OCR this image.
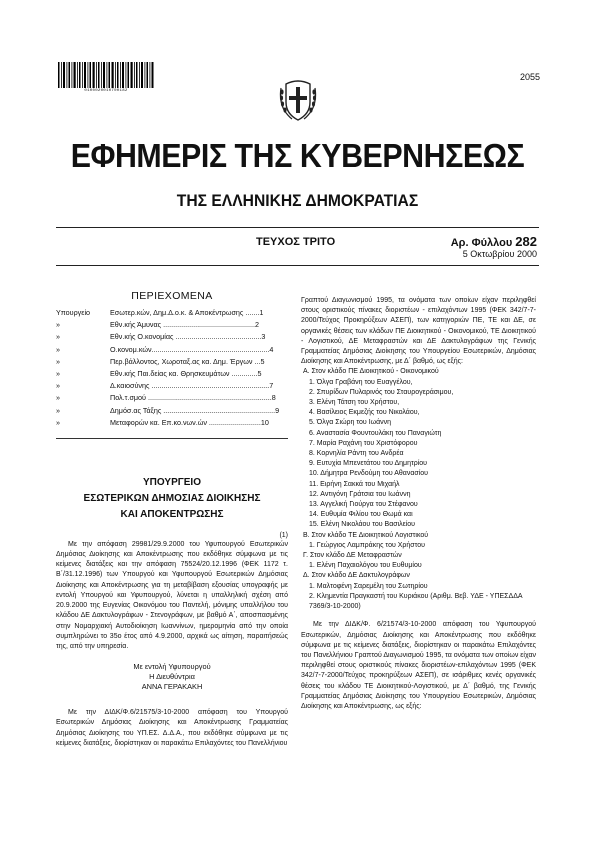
0100020010700182
2055
ΕΦΗΜΕΡΙΣ ΤΗΣ ΚΥΒΕΡΝΗΣΕΩΣ
ΤΗΣ ΕΛΛΗΝΙΚΗΣ ΔΗΜΟΚΡΑΤΙΑΣ
ΤΕΥΧΟΣ ΤΡΙΤΟ	Αρ. Φύλλου 282
5 Οκτωβρίου 2000
ΠΕΡΙΕΧΟΜΕΝΑ
Υπουργείο	Εσωτερ.κών, Δημ.Δ.ο.κ. & Αποκέντρωσης .......1
»	Εθν.κής Άμυνας ..............................................2
»	Εθν.κής Ο.κονομίας ...........................................3
»	Ο.κονομ.κών...........................................................4
»	Περ.βάλλοντος, Χωροταξ.ας κα. Δημ. Έργων ...5
»	Εθν.κής Παι.δείας κα. Θρησκευμάτων .............5
»	Δ.καιοσύνης ...........................................................7
»	Πολ.τ.σμού ..............................................................8
»	Δημόσ.ας Τάξης ........................................................9
»	Μεταφορών κα. Επ.κο.νων.ών ..........................10
ΥΠΟΥΡΓΕΙΟ
ΕΣΩΤΕΡΙΚΩΝ ΔΗΜΟΣΙΑΣ ΔΙΟΙΚΗΣΗΣ
ΚΑΙ ΑΠΟΚΕΝΤΡΩΣΗΣ
(1)
Με την απόφαση 29981/29.9.2000 του Υφυπουργού Εσωτερικών Δημόσιας Διοίκησης και Αποκέντρωσης που εκδόθηκε σύμφωνα με τις κείμενες διατάξεις και την απόφαση 75524/20.12.1996 (ΦΕΚ 1172 τ. Β΄/31.12.1996) των Υπουργού και Υφυπουργού Εσωτερικών Δημόσιας Διοίκησης και Αποκέντρωσης για τη μεταβίβαση εξουσίας υπογραφής με εντολή Υπουργού και Υφυπουργού, λύνεται η υπαλληλική σχέση από 20.9.2000 της Ευγενίας Οικονόμου του Παντελή, μόνιμης υπαλλήλου του κλάδου ΔΕ Δακτυλογράφων - Στενογράφων, με βαθμό Α΄, αποσπασμένης στην Νομαρχιακή Αυτοδιοίκηση Ιωαννίνων, ημερομηνία από την οποία συμπληρώνει το 35ο έτος από 4.9.2000, αρχικά ως αίτηση, παραιτήσεώς της, από την υπηρεσία.
Με εντολή Υφυπουργού
Η Διευθύντρια
ΑΝΝΑ ΓΕΡΑΚΑΚΗ
Με την ΔΙΔΚ/Φ.6/21575/3-10-2000 απόφαση του Υπουργού Εσωτερικών Δημόσιας Διοίκησης και Αποκέντρωσης Γραμματείας Δημόσιας Διοίκησης του ΥΠ.ΕΣ. Δ.Δ.Α., που εκδόθηκε σύμφωνα με τις κείμενες διατάξεις, διορίστηκαν οι παρακάτω Επιλαχόντες του Πανελλήνιου
Γραπτού Διαγωνισμού 1995, τα ονόματα των οποίων είχαν περιληφθεί στους οριστικούς πίνακες διοριστέων - επιλαχόντων 1995 (ΦΕΚ 342/7-7-2000/Τεύχος Προκηρύξεων ΑΣΕΠ), των κατηγοριών ΠΕ, ΤΕ και ΔΕ, σε οργανικές θέσεις των κλάδων ΠΕ Διοικητικού - Οικονομικού, ΤΕ Διοικητικού - Λογιστικού, ΔΕ Μεταφραστών και ΔΕ Δακτυλογράφων της Γενικής Γραμματείας Δημόσιας Διοίκησης του Υπουργείου Εσωτερικών, Δημόσιας Διοίκησης και Αποκέντρωσης, με Δ΄ βαθμό, ως εξής:
Α. Στον κλάδο ΠΕ Διοικητικού - Οικονομικού
1. Όλγα Γραβάνη του Ευαγγέλου,
2. Σπυρίδων Πυλαρινός του Σταυρογεράσιμου,
3. Ελένη Τάτση του Χρήστου,
4. Βασίλειος Εκμεζής του Νικολάου,
5. Όλγα Σιώρη του Ιωάννη
6. Αναστασία Φουντουλάκη του Παναγιώτη
7. Μαρία Ραχάνη του Χριστόφορου
8. Κορνηλία Ράντη του Ανδρέα
9. Ευτυχία Μπενετάτου του Δημητρίου
10. Δήμητρα Ρενδούμη του Αθανασίου
11. Ειρήνη Σακκά του Μιχαήλ
12. Αντιγόνη Γράτσια του Ιωάννη
13. Αγγελική Γιούργα του Στέφανου
14. Ευθυμία Φιλίου του Θωμά και
15. Ελένη Νικολάου του Βασιλείου
Β. Στον κλάδο ΤΕ Διοικητικού Λογιστικού
1. Γεώργιος Λαμπράκης του Χρήστου
Γ. Στον κλάδο ΔΕ Μεταφραστών
1. Ελένη Παχαιολόγου του Ευθυμίου
Δ. Στον κλάδο ΔΕ Δακτυλογράφων
1. Μαλτοφένη Σαρεμέλη του Σωτηρίου
2. Κλημεντία Πραγκαστή του Κυριάκου (Αριθμ. Βεβ. ΥΔΕ - ΥΠΕΣΔΔΑ 7369/3-10-2000)
Με την ΔΙΔΚ/Φ. 6/21574/3-10-2000 απόφαση του Υφυπουργού Εσωτερικών, Δημόσιας Διοίκησης και Αποκέντρωσης που εκδόθηκε σύμφωνα με τις κείμενες διατάξεις, διορίστηκαν οι παρακάτω Επιλαχόντες του Πανελλήνιου Γραπτού Διαγωνισμού 1995, τα ονόματα των οποίων είχαν περιληφθεί στους οριστικούς πίνακες διοριστέων-επιλαχόντων 1995 (ΦΕΚ 342/7-7-2000/Τεύχος προκηρύξεων ΑΣΕΠ), σε ισάριθμες κενές οργανικές θέσεις του κλάδου ΤΕ Διοικητικού-Λογιστικού, με Δ΄ βαθμό, της Γενικής Γραμματείας Δημόσιας Διοίκησης του Υπουργείου Εσωτερικών, Δημόσιας Διοίκησης και Αποκέντρωσης, ως εξής:
